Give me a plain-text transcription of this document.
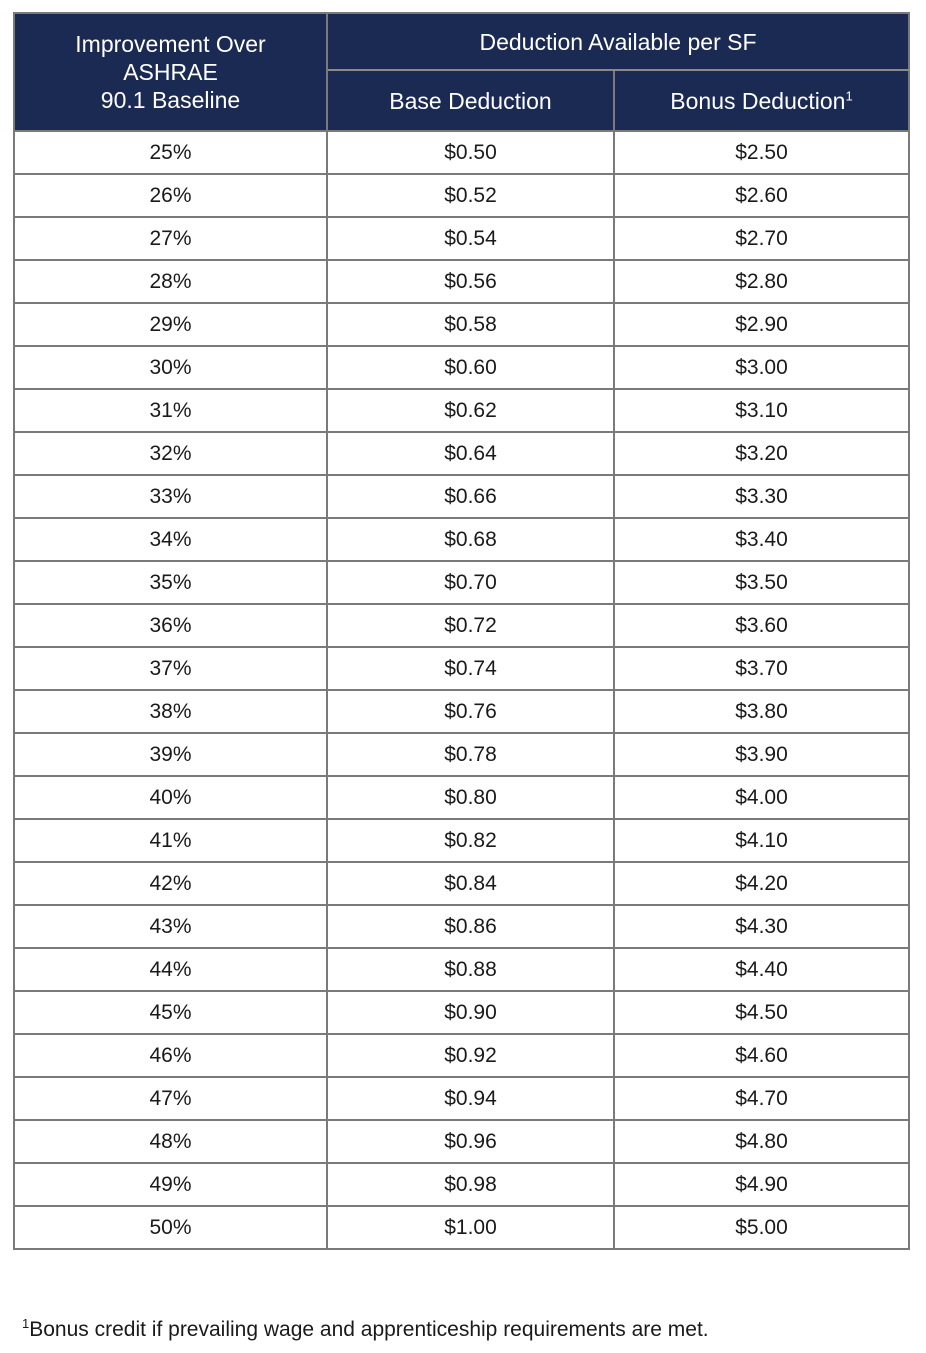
Improvement Over
ASHRAE
90.1 Baseline	Deduction Available per SF	
	Base Deduction	Bonus Deduction$^1$
25%	$0.50	$2.50
26%	$0.52	$2.60
27%	$0.54	$2.70
28%	$0.56	$2.80
29%	$0.58	$2.90
30%	$0.60	$3.00
31%	$0.62	$3.10
32%	$0.64	$3.20
33%	$0.66	$3.30
34%	$0.68	$3.40
35%	$0.70	$3.50
36%	$0.72	$3.60
37%	$0.74	$3.70
38%	$0.76	$3.80
39%	$0.78	$3.90
40%	$0.80	$4.00
41%	$0.82	$4.10
42%	$0.84	$4.20
43%	$0.86	$4.30
44%	$0.88	$4.40
45%	$0.90	$4.50
46%	$0.92	$4.60
47%	$0.94	$4.70
48%	$0.96	$4.80
49%	$0.98	$4.90
50%	$1.00	$5.00
$^1$Bonus credit if prevailing wage and apprenticeship requirements are met.
